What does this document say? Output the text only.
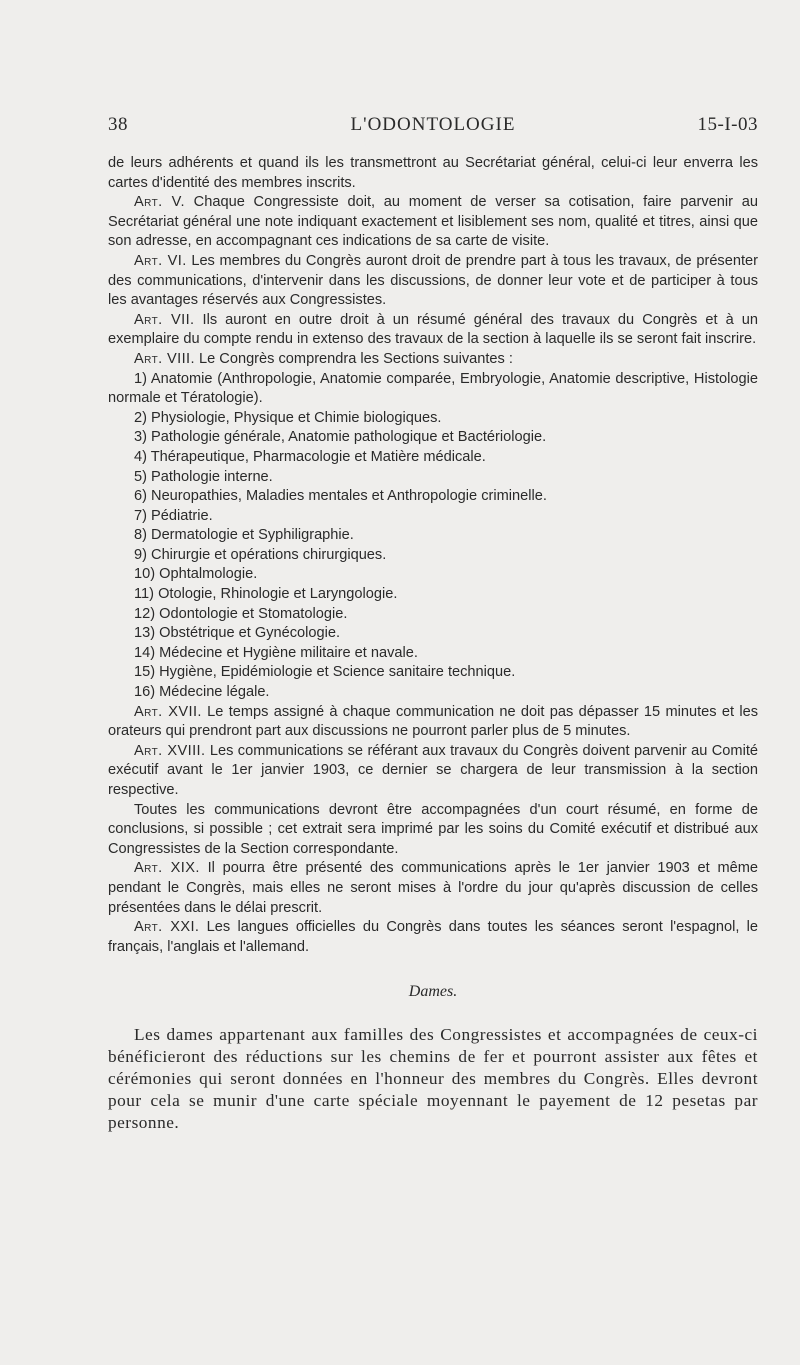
38	L'ODONTOLOGIE	15-I-03

de leurs adhérents et quand ils les transmettront au Secrétariat général, celui-ci leur enverra les cartes d'identité des membres inscrits.

Art. V. Chaque Congressiste doit, au moment de verser sa cotisation, faire parvenir au Secrétariat général une note indiquant exactement et lisiblement ses nom, qualité et titres, ainsi que son adresse, en accompagnant ces indications de sa carte de visite.

Art. VI. Les membres du Congrès auront droit de prendre part à tous les travaux, de présenter des communications, d'intervenir dans les discussions, de donner leur vote et de participer à tous les avantages réservés aux Congressistes.

Art. VII. Ils auront en outre droit à un résumé général des travaux du Congrès et à un exemplaire du compte rendu in extenso des travaux de la section à laquelle ils se seront fait inscrire.

Art. VIII. Le Congrès comprendra les Sections suivantes :

1) Anatomie (Anthropologie, Anatomie comparée, Embryologie, Anatomie descriptive, Histologie normale et Tératologie).

2) Physiologie, Physique et Chimie biologiques.

3) Pathologie générale, Anatomie pathologique et Bactériologie.

4) Thérapeutique, Pharmacologie et Matière médicale.

5) Pathologie interne.

6) Neuropathies, Maladies mentales et Anthropologie criminelle.

7) Pédiatrie.

8) Dermatologie et Syphiligraphie.

9) Chirurgie et opérations chirurgiques.

10) Ophtalmologie.

11) Otologie, Rhinologie et Laryngologie.

12) Odontologie et Stomatologie.

13) Obstétrique et Gynécologie.

14) Médecine et Hygiène militaire et navale.

15) Hygiène, Epidémiologie et Science sanitaire technique.

16) Médecine légale.

Art. XVII. Le temps assigné à chaque communication ne doit pas dépasser 15 minutes et les orateurs qui prendront part aux discussions ne pourront parler plus de 5 minutes.

Art. XVIII. Les communications se référant aux travaux du Congrès doivent parvenir au Comité exécutif avant le 1er janvier 1903, ce dernier se chargera de leur transmission à la section respective.

Toutes les communications devront être accompagnées d'un court résumé, en forme de conclusions, si possible ; cet extrait sera imprimé par les soins du Comité exécutif et distribué aux Congressistes de la Section correspondante.

Art. XIX. Il pourra être présenté des communications après le 1er janvier 1903 et même pendant le Congrès, mais elles ne seront mises à l'ordre du jour qu'après discussion de celles présentées dans le délai prescrit.

Art. XXI. Les langues officielles du Congrès dans toutes les séances seront l'espagnol, le français, l'anglais et l'allemand.

Dames.

Les dames appartenant aux familles des Congressistes et accompagnées de ceux-ci bénéficieront des réductions sur les chemins de fer et pourront assister aux fêtes et cérémonies qui seront données en l'honneur des membres du Congrès. Elles devront pour cela se munir d'une carte spéciale moyennant le payement de 12 pesetas par personne.
